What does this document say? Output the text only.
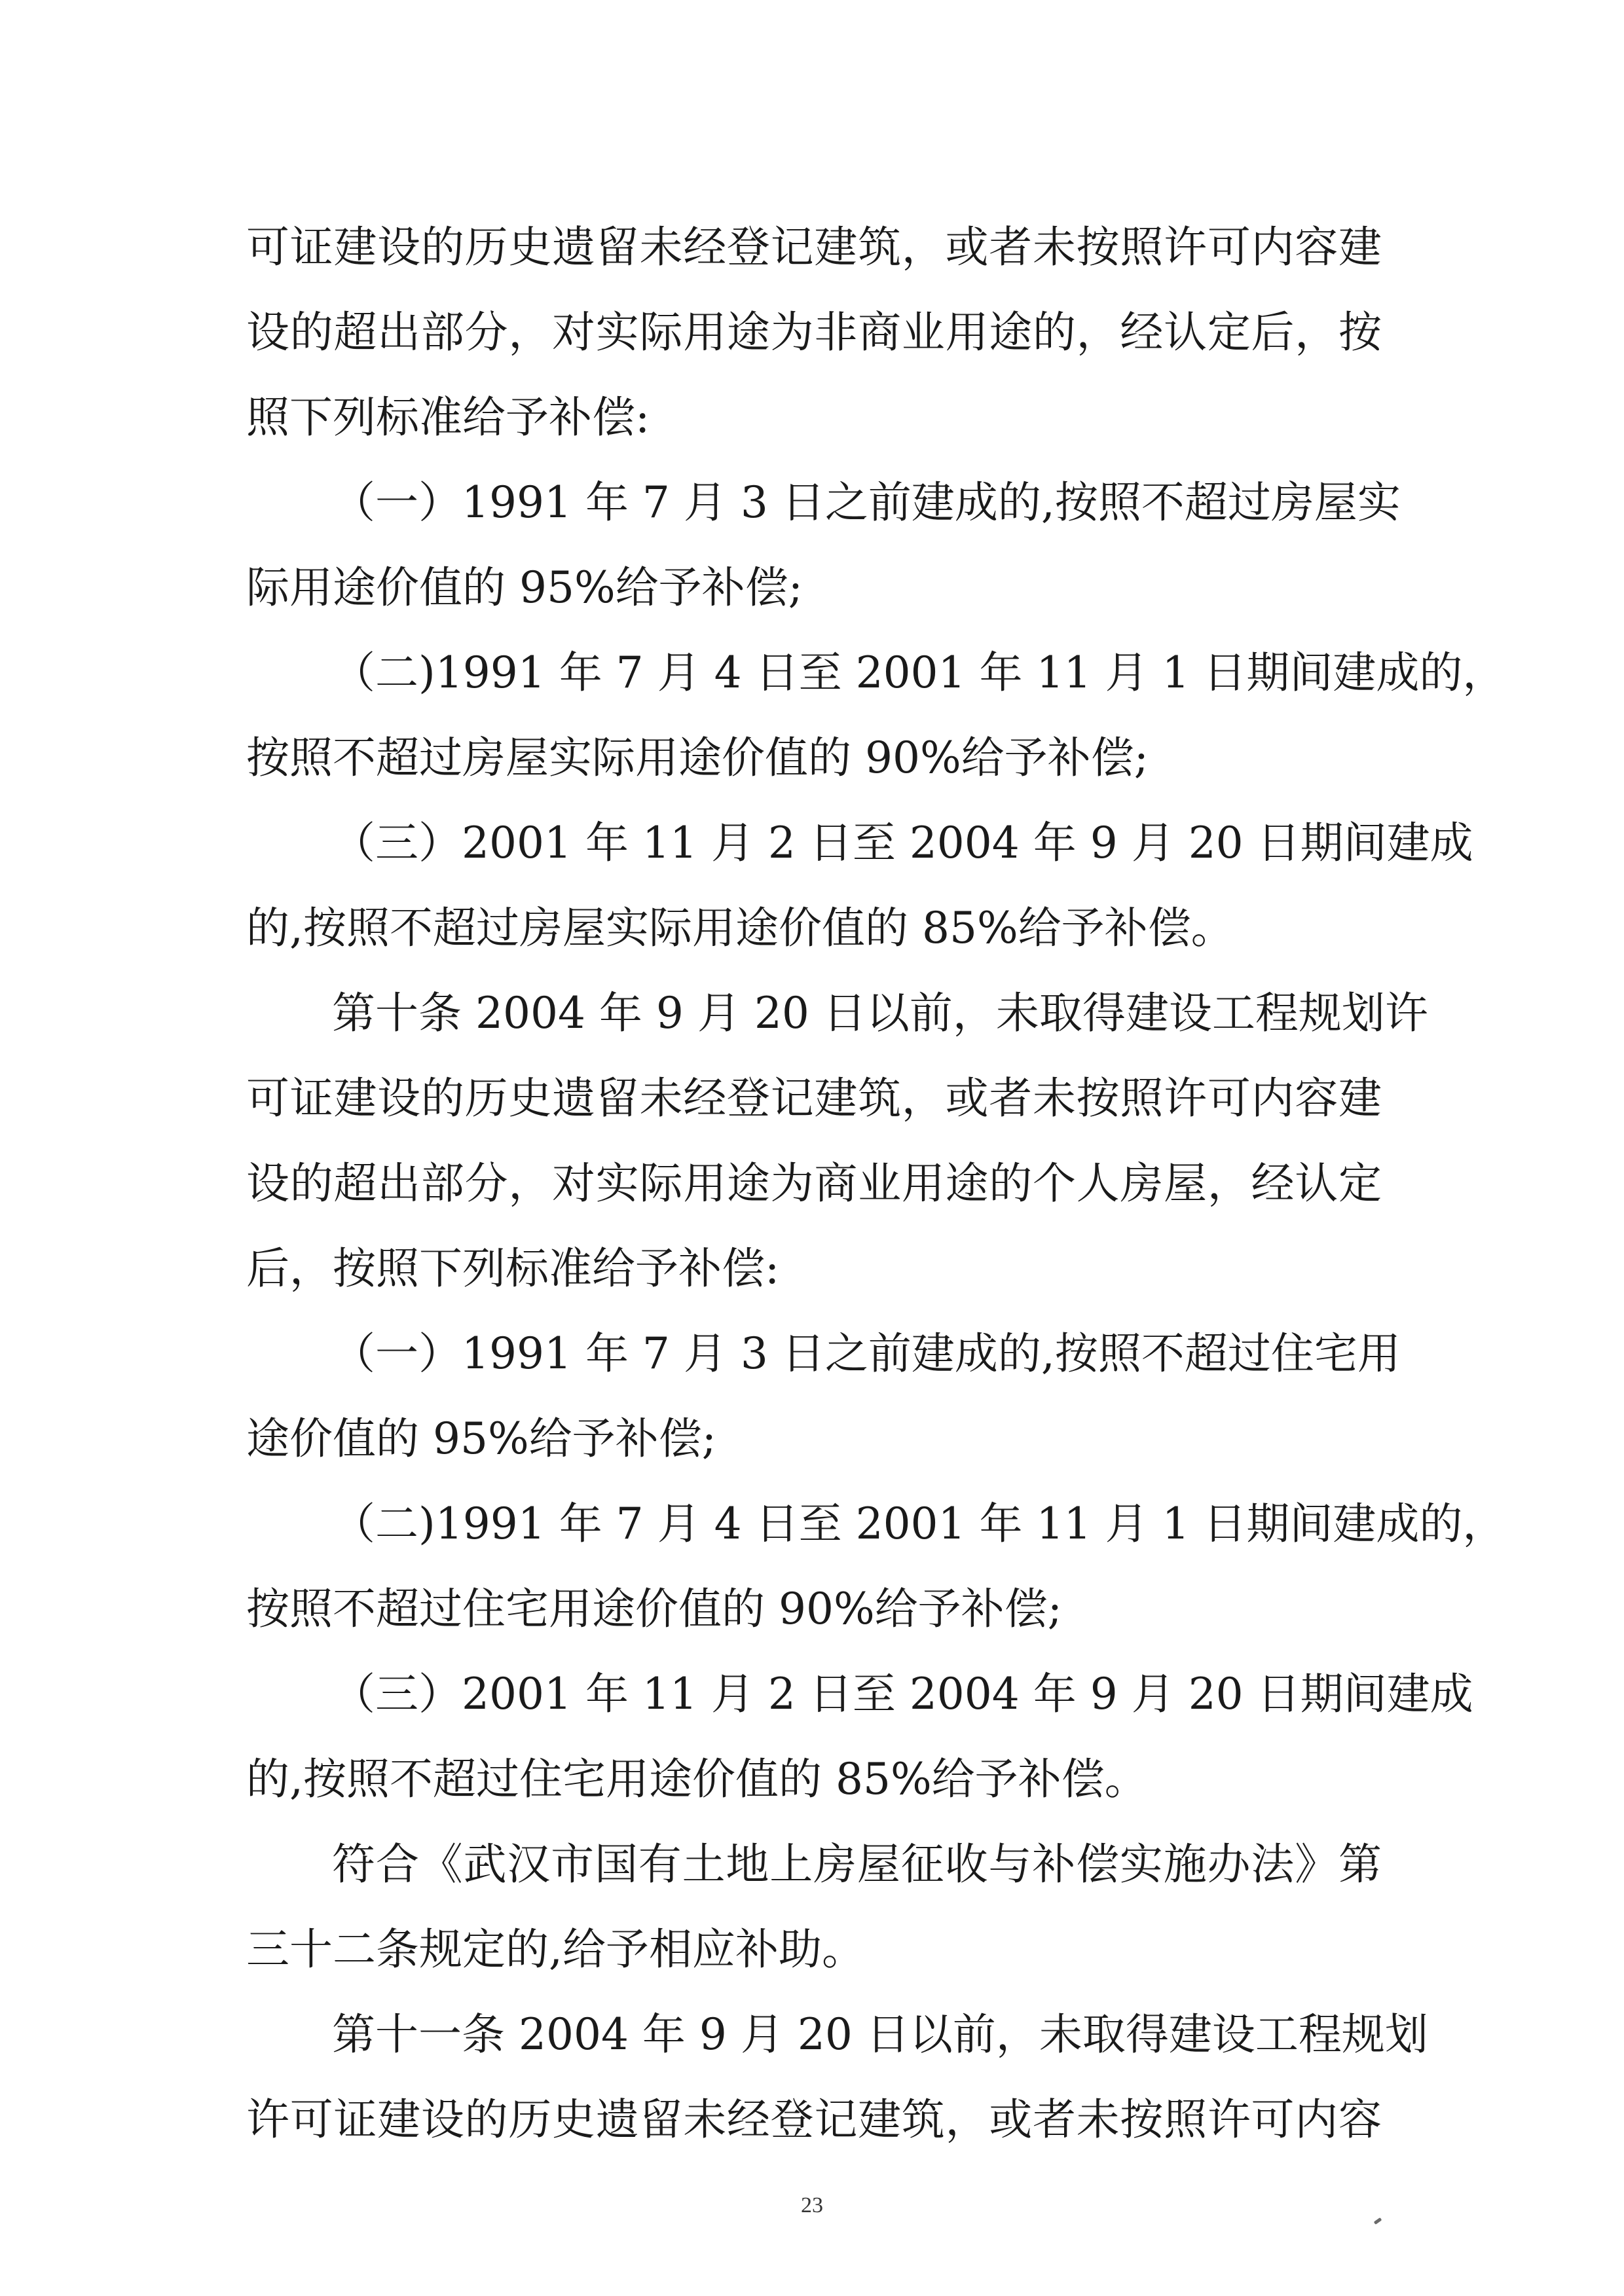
可证建设的历史遗留未经登记建筑，或者未按照许可内容建
设的超出部分，对实际用途为非商业用途的，经认定后，按
照下列标准给予补偿:
（一）1991 年 7 月 3 日之前建成的,按照不超过房屋实
际用途价值的 95%给予补偿;
（二)1991 年 7 月 4 日至 2001 年 11 月 1 日期间建成的，
按照不超过房屋实际用途价值的 90%给予补偿;
（三）2001 年 11 月 2 日至 2004 年 9 月 20 日期间建成
的,按照不超过房屋实际用途价值的 85%给予补偿。
第十条 2004 年 9 月 20 日以前，未取得建设工程规划许
可证建设的历史遗留未经登记建筑，或者未按照许可内容建
设的超出部分，对实际用途为商业用途的个人房屋，经认定
后，按照下列标准给予补偿:
（一）1991 年 7 月 3 日之前建成的,按照不超过住宅用
途价值的 95%给予补偿;
（二)1991 年 7 月 4 日至 2001 年 11 月 1 日期间建成的，
按照不超过住宅用途价值的 90%给予补偿;
（三）2001 年 11 月 2 日至 2004 年 9 月 20 日期间建成
的,按照不超过住宅用途价值的 85%给予补偿。
符合《武汉市国有土地上房屋征收与补偿实施办法》第
三十二条规定的,给予相应补助。
第十一条 2004 年 9 月 20 日以前，未取得建设工程规划
许可证建设的历史遗留未经登记建筑，或者未按照许可内容
23
